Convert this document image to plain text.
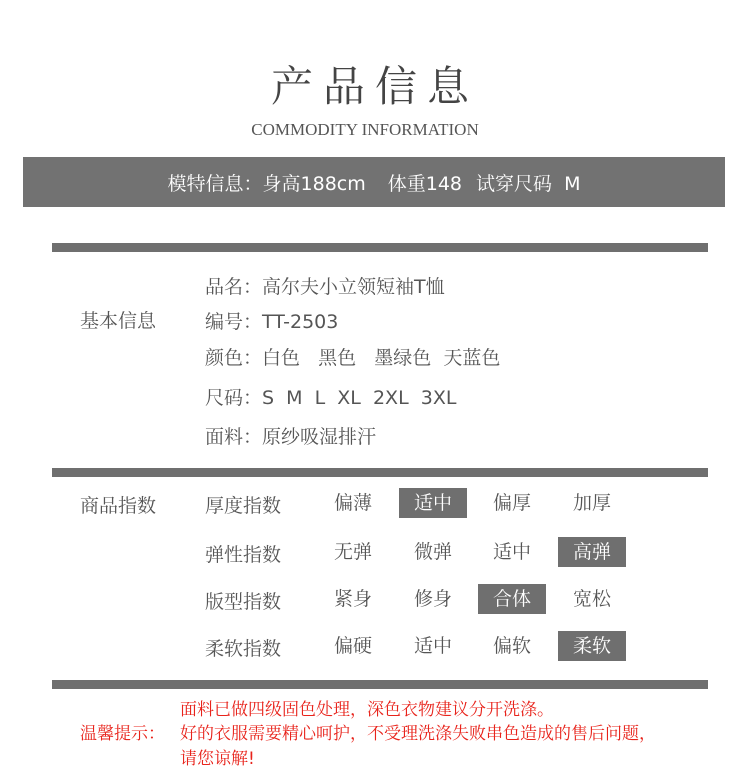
产品信息
COMMODITY INFORMATION
模特信息： 身高188cm 体重148 试穿尺码  M
基本信息
品名：高尔夫小立领短袖T恤
编号：TT-2503
颜色：白色   黑色   墨绿色  天蓝色
尺码：S  M  L  XL  2XL  3XL
面料：原纱吸湿排汗
商品指数	厚度指数	偏薄	适中	偏厚	加厚
弹性指数	无弹	微弹	适中	高弹
版型指数	紧身	修身	合体	宽松
柔软指数	偏硬	适中	偏软	柔软
温馨提示：
面料已做四级固色处理，深色衣物建议分开洗涤。
好的衣服需要精心呵护，不受理洗涤失败串色造成的售后问题，
请您谅解!
